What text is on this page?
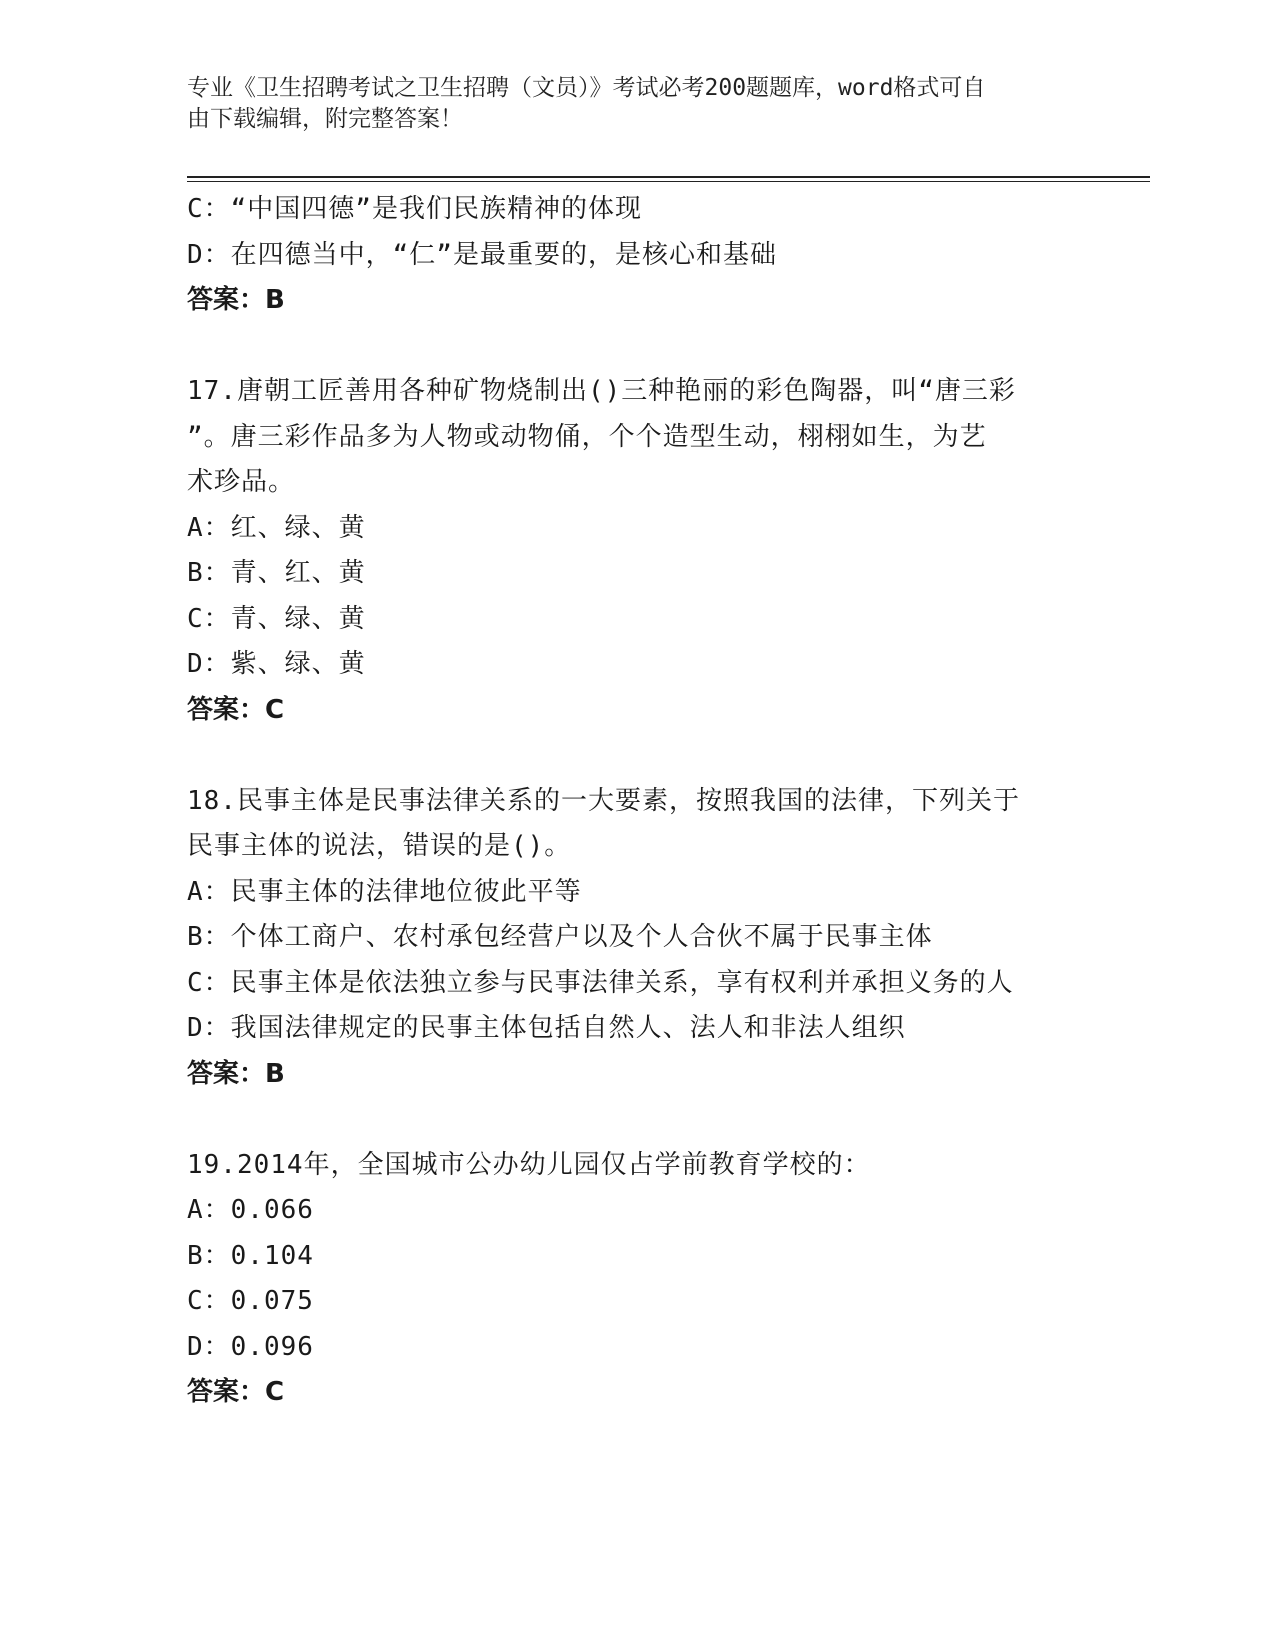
专业《卫生招聘考试之卫生招聘（文员）》考试必考200题题库，word格式可自
由下载编辑，附完整答案！
C：“中国四德”是我们民族精神的体现
D：在四德当中，“仁”是最重要的，是核心和基础
答案：B
17.唐朝工匠善用各种矿物烧制出()三种艳丽的彩色陶器，叫“唐三彩
”。唐三彩作品多为人物或动物俑，个个造型生动，栩栩如生，为艺
术珍品。
A：红、绿、黄
B：青、红、黄
C：青、绿、黄
D：紫、绿、黄
答案：C
18.民事主体是民事法律关系的一大要素，按照我国的法律，下列关于
民事主体的说法，错误的是()。
A：民事主体的法律地位彼此平等
B：个体工商户、农村承包经营户以及个人合伙不属于民事主体
C：民事主体是依法独立参与民事法律关系，享有权利并承担义务的人
D：我国法律规定的民事主体包括自然人、法人和非法人组织
答案：B
19.2014年，全国城市公办幼儿园仅占学前教育学校的：
A：0.066
B：0.104
C：0.075
D：0.096
答案：C
